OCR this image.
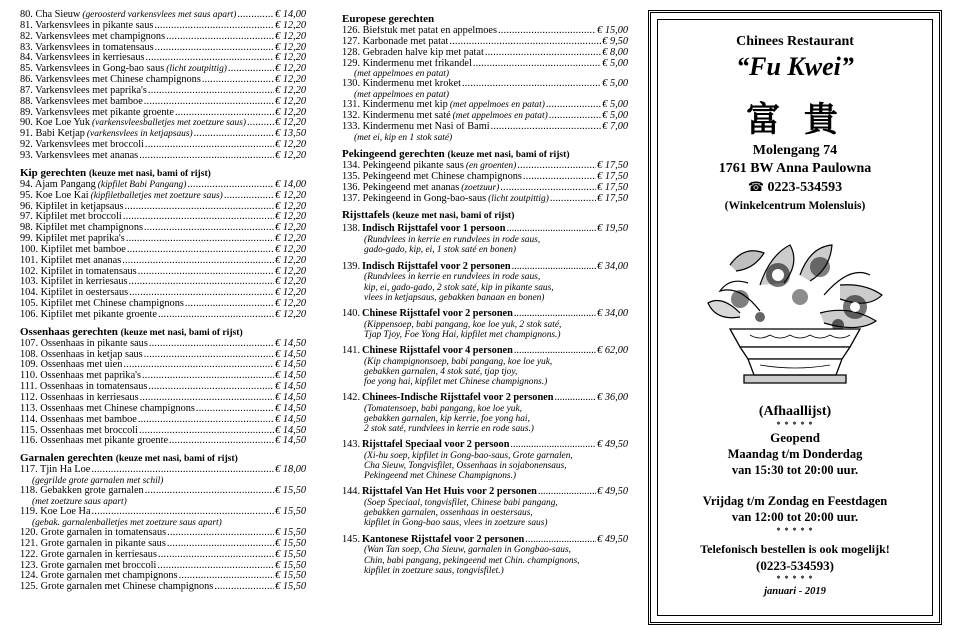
80. Cha Sieuw (geroosterd varkensvlees met saus apart) .....	€ 14,00
81. Varkensvlees in pikante saus .....	€ 12,20
82. Varkensvlees met champignons .....	€ 12,20
83. Varkensvlees in tomatensaus .....	€ 12,20
84. Varkensvlees in kerriesaus .....	€ 12,20
85. Varkensvlees in Gong-bao saus (licht zoutpittig) .....	€ 12,20
86. Varkensvlees met Chinese champignons .....	€ 12,20
87. Varkensvlees met paprika's .....	€ 12,20
88. Varkensvlees met bamboe .....	€ 12,20
89. Varkensvlees met pikante groente .....	€ 12,20
90. Koe Loe Yuk (varkensvleesballetjes met zoetzure saus) .....	€ 12,20
91. Babi Ketjap (varkensvlees in ketjapsaus) .....	€ 13,50
92. Varkensvlees met broccoli .....	€ 12,20
93. Varkensvlees met ananas .....	€ 12,20
Kip gerechten (keuze met nasi, bami of rijst)
94. Ajam Pangang (kipfilet Babi Pangang) .....	€ 14,00
95. Koe Loe Kai (kipfiletballetjes met zoetzure saus) .....	€ 12,20
96. Kipfilet in ketjapsaus .....	€ 12,20
97. Kipfilet met broccoli .....	€ 12,20
98. Kipfilet met champignons .....	€ 12,20
99. Kipfilet met paprika's .....	€ 12,20
100. Kipfilet met bamboe .....	€ 12,20
101. Kipfilet met ananas .....	€ 12,20
102. Kipfilet in tomatensaus .....	€ 12,20
103. Kipfilet in kerriesaus .....	€ 12,20
104. Kipfilet in oestersaus .....	€ 12,20
105. Kipfilet met Chinese champignons .....	€ 12,20
106. Kipfilet met pikante groente .....	€ 12,20
Ossenhaas gerechten (keuze met nasi, bami of rijst)
107. Ossenhaas in pikante saus .....	€ 14,50
108. Ossenhaas in ketjap saus .....	€ 14,50
109. Ossenhaas met uien .....	€ 14,50
110. Ossenhaas met paprika's .....	€ 14,50
111. Ossenhaas in tomatensaus .....	€ 14,50
112. Ossenhaas in kerriesaus .....	€ 14,50
113. Ossenhaas met Chinese champignons .....	€ 14,50
114. Ossenhaas met bamboe .....	€ 14,50
115. Ossenhaas met broccoli .....	€ 14,50
116. Ossenhaas met pikante groente .....	€ 14,50
Garnalen gerechten (keuze met nasi, bami of rijst)
117. Tjin Ha Loe .....	€ 18,00
(gegrilde grote garnalen met schil)
118. Gebakken grote garnalen .....	€ 15,50
(met zoetzure saus apart)
119. Koe Loe Ha .....	€ 15,50
(gebak. garnalenballetjes met zoetzure saus apart)
120. Grote garnalen in tomatensaus .....	€ 15,50
121. Grote garnalen in pikante saus .....	€ 15,50
122. Grote garnalen in kerriesaus .....	€ 15,50
123. Grote garnalen met broccoli .....	€ 15,50
124. Grote garnalen met champignons .....	€ 15,50
125. Grote garnalen met Chinese champignons .....	€ 15,50
Europese gerechten
126. Biefstuk met patat en appelmoes .....	€ 15,00
127. Karbonade met patat .....	€ 9,50
128. Gebraden halve kip met patat .....	€ 8,00
129. Kindermenu met frikandel .....	€ 5,00
(met appelmoes en patat)
130. Kindermenu met kroket .....	€ 5,00
(met appelmoes en patat)
131. Kindermenu met kip (met appelmoes en patat) .....	€ 5,00
132. Kindermenu met saté (met appelmoes en patat) .....	€ 5,00
133. Kindermenu met Nasi of Bami .....	€ 7,00
(met ei, kip en 1 stok saté)
Pekingeend gerechten (keuze met nasi, bami of rijst)
134. Pekingeend pikante saus (en groenten) .....	€ 17,50
135. Pekingeend met Chinese champignons .....	€ 17,50
136. Pekingeend met ananas (zoetzuur) .....	€ 17,50
137. Pekingeend in Gong-bao-saus (licht zoutpittig) .....	€ 17,50
Rijsttafels (keuze met nasi, bami of rijst)
138. Indisch Rijsttafel voor 1 persoon .....	€ 19,50
(Rundvlees in kerrie en rundvlees in rode saus,
gado-gado, kip, ei, 1 stok saté en bonen)
139. Indisch Rijsttafel voor 2 personen .....	€ 34,00
(Rundvlees in kerrie en rundvlees in rode saus,
kip, ei, gado-gado, 2 stok saté, kip in pikante saus,
vlees in ketjapsaus, gebakken banaan en bonen)
140. Chinese Rijsttafel voor 2 personen .....	€ 34,00
(Kippensoep, babi pangang, koe loe yuk, 2 stok saté,
Tjap Tjoy, Foe Yong Hai, kipfilet met champignons.)
141. Chinese Rijsttafel voor 4 personen .....	€ 62,00
(Kip champignonsoep, babi pangang, koe loe yuk,
gebakken garnalen, 4 stok saté, tjap tjoy,
foe yong hai, kipfilet met Chinese champignons.)
142. Chinees-Indische Rijsttafel voor 2 personen .....	€ 36,00
(Tomatensoep, babi pangang, koe loe yuk,
gebakken garnalen, kip kerrie, foe yong hai,
2 stok saté, rundvlees in kerrie en rode saus.)
143. Rijsttafel Speciaal voor 2 persoon .....	€ 49,50
(Xi-hu soep, kipfilet in Gong-bao-saus, Grote garnalen,
Cha Sieuw, Tongvisfilet, Ossenhaas in sojabonensaus,
Pekingeend met Chinese Champignons.)
144. Rijsttafel Van Het Huis voor 2 personen .....	€ 49,50
(Soep Speciaal, tongvisfilet, Chinese babi pangang,
gebakken garnalen, ossenhaas in oestersaus,
kipfilet in Gong-bao saus, vlees in zoetzure saus)
145. Kantonese Rijsttafel voor 2 personen .....	€ 49,50
(Wan Tan soep, Cha Sieuw, garnalen in Gongbao-saus,
Chin, babi pangang, pekingeend met Chin. champignons,
kipfilet in zoetzure saus, tongvisfilet.)
Chinees Restaurant
“Fu Kwei”
富 貴
Molengang 74
1761 BW Anna Paulowna
☎ 0223-534593
(Winkelcentrum Molensluis)
(Afhaallijst)
* * * * *
Geopend
Maandag t/m Donderdag
van 15:30 tot 20:00 uur.
Vrijdag t/m Zondag en Feestdagen
van 12:00 tot 20:00 uur.
* * * * *
Telefonisch bestellen is ook mogelijk!
(0223-534593)
* * * * *
januari - 2019
